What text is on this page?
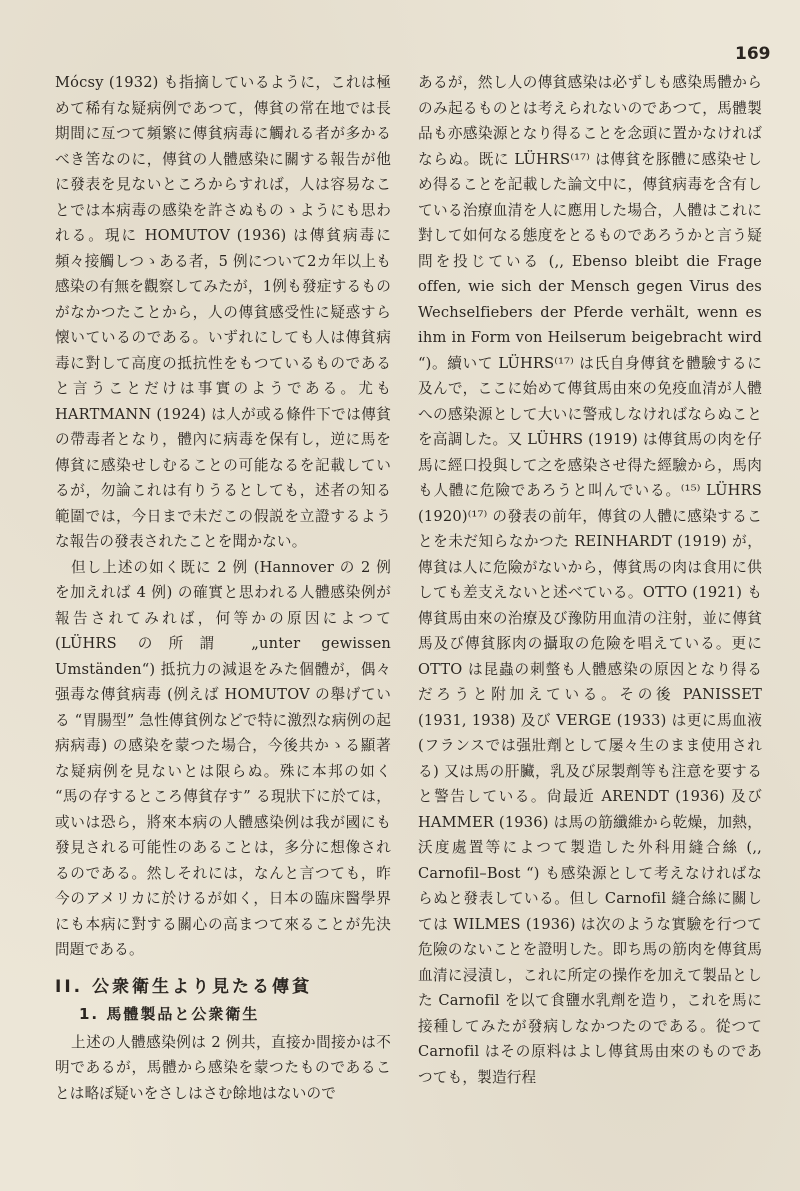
169

Mócsy (1932) も指摘しているように，これは極めて稀有な疑病例であつて，傳貧の常在地では長期間に亙つて頻繁に傳貧病毒に觸れる者が多かるべき筈なのに，傳貧の人體感染に關する報告が他に發表を見ないところからすれば，人は容易なことでは本病毒の感染を許さぬものゝようにも思われる。現に HOMUTOV (1936) は傳貧病毒に頻々接觸しつゝある者，5 例について2カ年以上も感染の有無を觀察してみたが，1例も發症するものがなかつたことから，人の傳貧感受性に疑惑すら懐いているのである。いずれにしても人は傳貧病毒に對して高度の抵抗性をもつているものであると言うことだけは事實のようである。尤も HARTMANN (1924) は人が或る條件下では傳貧の帶毒者となり，體內に病毒を保有し，逆に馬を傳貧に感染せしむることの可能なるを記載しているが，勿論これは有りうるとしても，述者の知る範圍では，今日まで未だこの假説を立證するような報告の發表されたことを聞かない。

但し上述の如く既に 2 例 (Hannover の 2 例を加えれば 4 例) の確實と思われる人體感染例が報告されてみれば，何等かの原因によつて (LÜHRS の所謂 „unter gewissen Umständen“) 抵抗力の減退をみた個體が，偶々强毒な傳貧病毒 (例えば HOMUTOV の舉げている “胃腸型” 急性傳貧例などで特に激烈な病例の起病病毒) の感染を蒙つた場合，今後共かゝる顯著な疑病例を見ないとは限らぬ。殊に本邦の如く “馬の存するところ傳貧存す” る現狀下に於ては，或いは恐ら，將來本病の人體感染例は我が國にも發見される可能性のあることは，多分に想像されるのである。然しそれには，なんと言つても，昨今のアメリカに於けるが如く，日本の臨床醫學界にも本病に對する關心の高まつて來ることが先決問題である。

II. 公衆衛生より見たる傳貧
1. 馬體製品と公衆衛生

上述の人體感染例は 2 例共，直接か間接かは不明であるが，馬體から感染を蒙つたものであることは略ぼ疑いをさしはさむ餘地はないので

あるが，然し人の傳貧感染は必ずしも感染馬體からのみ起るものとは考えられないのであつて，馬體製品も亦感染源となり得ることを念頭に置かなければならぬ。既に LÜHRS⁽¹⁷⁾ は傳貧を豚體に感染せしめ得ることを記載した論文中に，傳貧病毒を含有している治療血清を人に應用した場合，人體はこれに對して如何なる態度をとるものであろうかと言う疑問を投じている (,, Ebenso bleibt die Frage offen, wie sich der Mensch gegen Virus des Wechselfiebers der Pferde verhält, wenn es ihm in Form von Heilserum beigebracht wird “)。續いて LÜHRS⁽¹⁷⁾ は氏自身傳貧を體驗するに及んで，ここに始めて傳貧馬由來の免疫血清が人體への感染源として大いに警戒しなければならぬことを高調した。又 LÜHRS (1919) は傳貧馬の肉を仔馬に經口投與して之を感染させ得た經驗から，馬肉も人體に危險であろうと叫んでいる。⁽¹⁵⁾ LÜHRS (1920)⁽¹⁷⁾ の發表の前年，傳貧の人體に感染することを未だ知らなかつた REINHARDT (1919) が，傳貧は人に危險がないから，傳貧馬の肉は食用に供しても差支えないと述べている。OTTO (1921) も傳貧馬由來の治療及び豫防用血清の注射，並に傳貧馬及び傳貧豚肉の攝取の危險を唱えている。更に OTTO は昆蟲の刺螫も人體感染の原因となり得るだろうと附加えている。その後 PANISSET (1931, 1938) 及び VERGE (1933) は更に馬血液 (フランスでは强壯劑として屡々生のまま使用される) 又は馬の肝臟，乳及び尿製劑等も注意を要すると警告している。尙最近 ARENDT (1936) 及び HAMMER (1936) は馬の筋纖維から乾燥，加熱，沃度處置等によつて製造した外科用縫合絲 (,, Carnofil–Bost “) も感染源として考えなければならぬと發表している。但し Carnofil 縫合絲に關しては WILMES (1936) は次のような實驗を行つて危險のないことを證明した。即ち馬の筋肉を傳貧馬血清に浸漬し，これに所定の操作を加えて製品とした Carnofil を以て食鹽水乳劑を造り，これを馬に接種してみたが發病しなかつたのである。從つて Carnofil はその原料はよし傳貧馬由來のものであつても，製造行程
